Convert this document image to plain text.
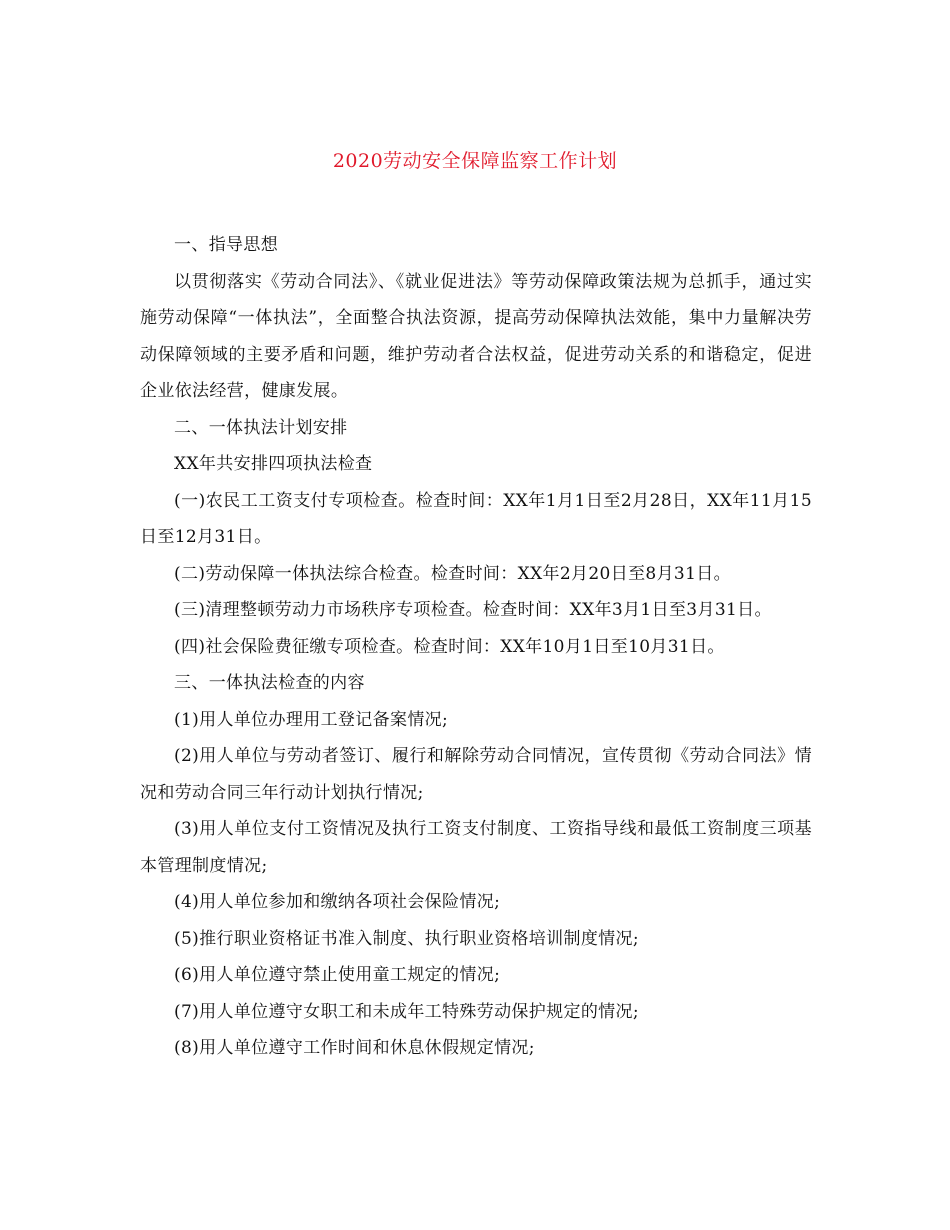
2020劳动安全保障监察工作计划

一、指导思想

以贯彻落实《劳动合同法》、《就业促进法》等劳动保障政策法规为总抓手，通过实施劳动保障“一体执法”，全面整合执法资源，提高劳动保障执法效能，集中力量解决劳动保障领域的主要矛盾和问题，维护劳动者合法权益，促进劳动关系的和谐稳定，促进企业依法经营，健康发展。

二、一体执法计划安排

XX年共安排四项执法检查

(一)农民工工资支付专项检查。检查时间：XX年1月1日至2月28日，XX年11月15日至12月31日。

(二)劳动保障一体执法综合检查。检查时间：XX年2月20日至8月31日。

(三)清理整顿劳动力市场秩序专项检查。检查时间：XX年3月1日至3月31日。

(四)社会保险费征缴专项检查。检查时间：XX年10月1日至10月31日。

三、一体执法检查的内容

(1)用人单位办理用工登记备案情况;

(2)用人单位与劳动者签订、履行和解除劳动合同情况，宣传贯彻《劳动合同法》情况和劳动合同三年行动计划执行情况;

(3)用人单位支付工资情况及执行工资支付制度、工资指导线和最低工资制度三项基本管理制度情况;

(4)用人单位参加和缴纳各项社会保险情况;

(5)推行职业资格证书准入制度、执行职业资格培训制度情况;

(6)用人单位遵守禁止使用童工规定的情况;

(7)用人单位遵守女职工和未成年工特殊劳动保护规定的情况;

(8)用人单位遵守工作时间和休息休假规定情况;
